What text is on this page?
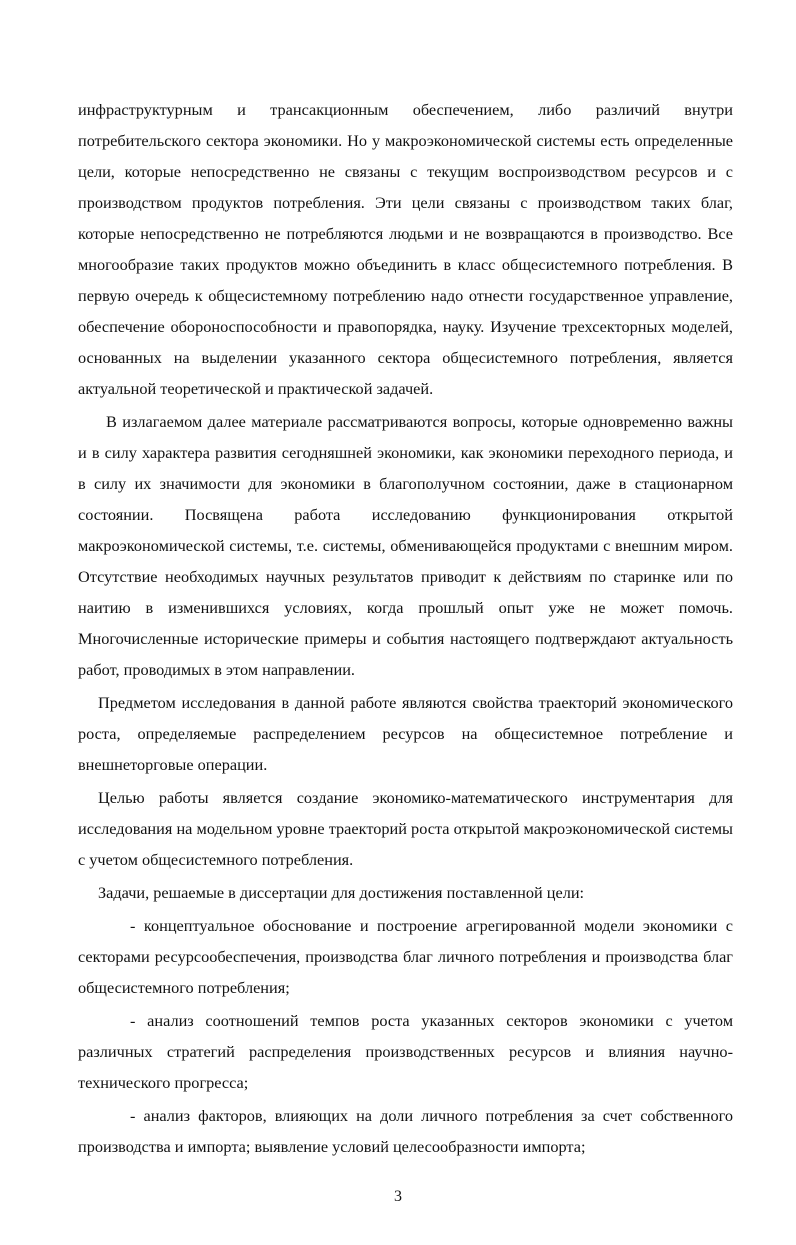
инфраструктурным и трансакционным обеспечением, либо различий внутри потребительского сектора экономики. Но у макроэкономической системы есть определенные цели, которые непосредственно не связаны с текущим воспроизводством ресурсов и с производством продуктов потребления. Эти цели связаны с производством таких благ, которые непосредственно не потребляются людьми и не возвращаются в производство. Все многообразие таких продуктов можно объединить в класс общесистемного потребления. В первую очередь к общесистемному потреблению надо отнести государственное управление, обеспечение обороноспособности и правопорядка, науку. Изучение трехсекторных моделей, основанных на выделении указанного сектора общесистемного потребления, является актуальной теоретической и практической задачей.

В излагаемом далее материале рассматриваются вопросы, которые одновременно важны и в силу характера развития сегодняшней экономики, как экономики переходного периода, и в силу их значимости для экономики в благополучном состоянии, даже в стационарном состоянии. Посвящена работа исследованию функционирования открытой макроэкономической системы, т.е. системы, обменивающейся продуктами с внешним миром. Отсутствие необходимых научных результатов приводит к действиям по старинке или по наитию в изменившихся условиях, когда прошлый опыт уже не может помочь. Многочисленные исторические примеры и события настоящего подтверждают актуальность работ, проводимых в этом направлении.

Предметом исследования в данной работе являются свойства траекторий экономического роста, определяемые распределением ресурсов на общесистемное потребление и внешнеторговые операции.

Целью работы является создание экономико-математического инструментария для исследования на модельном уровне траекторий роста открытой макроэкономической системы с учетом общесистемного потребления.

Задачи, решаемые в диссертации для достижения поставленной цели:

- концептуальное обоснование и построение агрегированной модели экономики с секторами ресурсообеспечения, производства благ личного потребления и производства благ общесистемного потребления;

- анализ соотношений темпов роста указанных секторов экономики с учетом различных стратегий распределения производственных ресурсов и влияния научно-технического прогресса;

- анализ факторов, влияющих на доли личного потребления за счет собственного производства и импорта; выявление условий целесообразности импорта;

3
